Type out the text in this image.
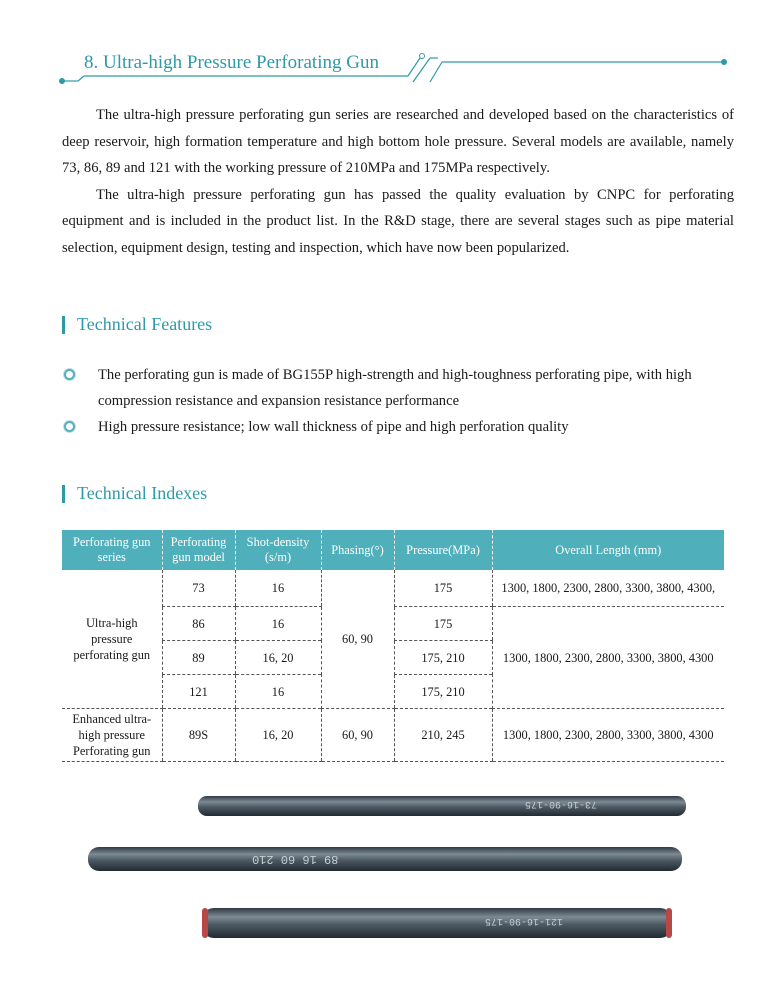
8. Ultra-high Pressure Perforating Gun

The ultra-high pressure perforating gun series are researched and developed based on the characteristics of deep reservoir, high formation temperature and high bottom hole pressure. Several models are available, namely 73, 86, 89 and 121 with the working pressure of 210MPa and 175MPa respectively.

The ultra-high pressure perforating gun has passed the quality evaluation by CNPC for perforating equipment and is included in the product list. In the R&D stage, there are several stages such as pipe material selection, equipment design, testing and inspection, which have now been popularized.

Technical Features
The perforating gun is made of BG155P high-strength and high-toughness perforating pipe, with high compression resistance and expansion resistance performance
High pressure resistance; low wall thickness of pipe and high perforation quality
Technical Indexes
Perforating gun series	Perforating gun model	Shot-density (s/m)	Phasing(°)	Pressure(MPa)	Overall Length (mm)
Ultra-high pressure perforating gun	73	16	60, 90	175	1300, 1800, 2300, 2800, 3300, 3800, 4300,
	86	16		175	1300, 1800, 2300, 2800, 3300, 3800, 4300
	89	16, 20		175, 210	
	121	16		175, 210	
Enhanced ultra-high pressure Perforating gun	89S	16, 20	60, 90	210, 245	1300, 1800, 2300, 2800, 3300, 3800, 4300
73-16-90-175
89 16 60 210
121-16-90-175
